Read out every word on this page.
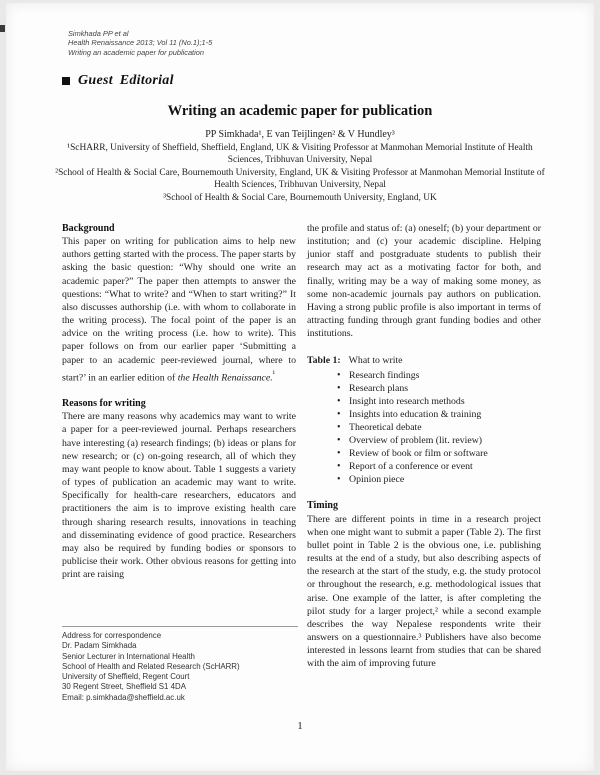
Simkhada PP et al
Health Renaissance 2013; Vol 11 (No.1);1-5
Writing an academic paper for publication
Guest Editorial
Writing an academic paper for publication
PP Simkhada¹, E van Teijlingen² & V Hundley³
¹ScHARR, University of Sheffield, Sheffield, England, UK & Visiting Professor at Manmohan Memorial Institute of Health Sciences, Tribhuvan University, Nepal
²School of Health & Social Care, Bournemouth University, England, UK & Visiting Professor at Manmohan Memorial Institute of Health Sciences, Tribhuvan University, Nepal
³School of Health & Social Care, Bournemouth University, England, UK
Background

This paper on writing for publication aims to help new authors getting started with the process. The paper starts by asking the basic question: “Why should one write an academic paper?” The paper then attempts to answer the questions: “What to write? and “When to start writing?” It also discusses authorship (i.e. with whom to collaborate in the writing process). The focal point of the paper is an advice on the writing process (i.e. how to write). This paper follows on from our earlier paper ‘Submitting a paper to an academic peer-reviewed journal, where to start?’ in an earlier edition of the Health Renaissance.$^{^1}$

Reasons for writing

There are many reasons why academics may want to write a paper for a peer-reviewed journal. Perhaps researchers have interesting (a) research findings; (b) ideas or plans for new research; or (c) on-going research, all of which they may want people to know about. Table 1 suggests a variety of types of publication an academic may want to write. Specifically for health-care researchers, educators and practitioners the aim is to improve existing health care through sharing research results, innovations in teaching and disseminating evidence of good practice. Researchers may also be required by funding bodies or sponsors to publicise their work. Other obvious reasons for getting into print are raising

the profile and status of: (a) oneself; (b) your department or institution; and (c) your academic discipline. Helping junior staff and postgraduate students to publish their research may act as a motivating factor for both, and finally, writing may be a way of making some money, as some non-academic journals pay authors on publication. Having a strong public profile is also important in terms of attracting funding through grant funding bodies and other institutions.

Table 1: What to write
• Research findings
• Research plans
• Insight into research methods
• Insights into education & training
• Theoretical debate
• Overview of problem (lit. review)
• Review of book or film or software
• Report of a conference or event
• Opinion piece
Timing

There are different points in time in a research project when one might want to submit a paper (Table 2). The first bullet point in Table 2 is the obvious one, i.e. publishing results at the end of a study, but also describing aspects of the research at the start of the study, e.g. the study protocol or throughout the research, e.g. methodological issues that arise. One example of the latter, is after completing the pilot study for a larger project,² while a second example describes the way Nepalese respondents write their answers on a questionnaire.³ Publishers have also become interested in lessons learnt from studies that can be shared with the aim of improving future

Address for correspondence
Dr. Padam Simkhada
Senior Lecturer in International Health
School of Health and Related Research (ScHARR)
University of Sheffield, Regent Court
30 Regent Street, Sheffield S1 4DA
Email: p.simkhada@sheffield.ac.uk
1
